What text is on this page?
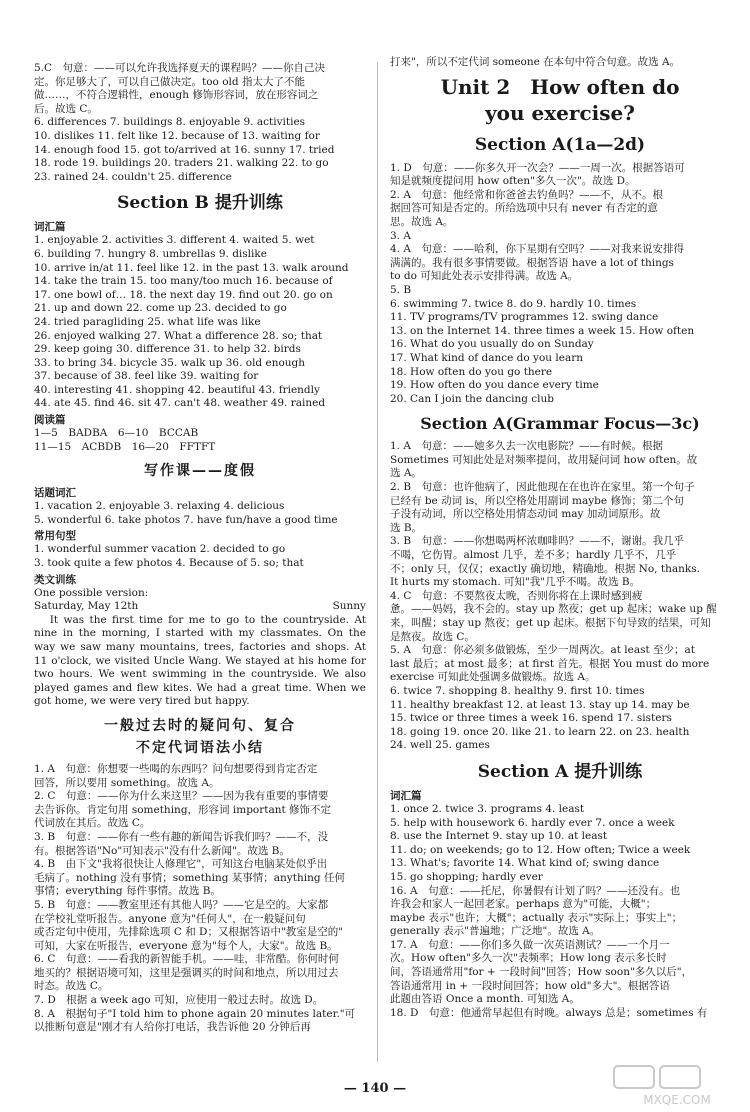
5.C　句意：——可以允许我选择夏天的课程吗？——你自己决
定。你足够大了，可以自己做决定。too old 指太大了不能
做……，不符合逻辑性，enough 修饰形容词，放在形容词之
后。故选 C。
6. differences 7. buildings 8. enjoyable 9. activities
10. dislikes 11. felt like 12. because of 13. waiting for
14. enough food 15. got to/arrived at 16. sunny 17. tried
18. rode 19. buildings 20. traders 21. walking 22. to go
23. rained 24. couldn't 25. difference
Section B 提升训练
词汇篇
1. enjoyable 2. activities 3. different 4. waited 5. wet
6. building 7. hungry 8. umbrellas 9. dislike
10. arrive in/at 11. feel like 12. in the past 13. walk around
14. take the train 15. too many/too much 16. because of
17. one bowl of… 18. the next day 19. find out 20. go on
21. up and down 22. come up 23. decided to go
24. tried paragliding 25. what life was like
26. enjoyed walking 27. What a difference 28. so; that
29. keep going 30. difference 31. to help 32. birds
33. to bring 34. bicycle 35. walk up 36. old enough
37. because of 38. feel like 39. waiting for
40. interesting 41. shopping 42. beautiful 43. friendly
44. ate 45. find 46. sit 47. can't 48. weather 49. rained
阅读篇
1—5　BADBA　6—10　BCCAB
11—15　ACBDB　16—20　FFTFT
写作课——度假
话题词汇
1. vacation 2. enjoyable 3. relaxing 4. delicious
5. wonderful 6. take photos 7. have fun/have a good time
常用句型
1. wonderful summer vacation 2. decided to go
3. took quite a few photos 4. Because of 5. so; that
类文训练
One possible version:
Saturday, May 12th	Sunny
It was the first time for me to go to the countryside. At nine in the morning, I started with my classmates. On the way we saw many mountains, trees, factories and shops. At 11 o'clock, we visited Uncle Wang. We stayed at his home for two hours. We went swimming in the countryside. We also played games and flew kites. We had a great time. When we got home, we were very tired but happy.
一般过去时的疑问句、复合
不定代词语法小结
1. A　句意：你想要一些喝的东西吗？问句想要得到肯定否定
回答，所以要用 something。故选 A。
2. C　句意：——你为什么来这里？——因为我有重要的事情要
去告诉你。肯定句用 something，形容词 important 修饰不定
代词放在其后。故选 C。
3. B　句意：——你有一些有趣的新闻告诉我们吗？——不，没
有。根据答语"No"可知表示"没有什么新闻"。故选 B。
4. B　由下文"我将很快让人修理它"，可知这台电脑某处似乎出
毛病了。nothing 没有事情；something 某事情；anything 任何
事情；everything 每件事情。故选 B。
5. B　句意：——教室里还有其他人吗？——它是空的。大家都
在学校礼堂听报告。anyone 意为"任何人"，在一般疑问句
或否定句中使用，先排除选项 C 和 D；又根据答语中"教室是空的"
可知，大家在听报告，everyone 意为"每个人，大家"。故选 B。
6. C　句意：——看我的新智能手机。——哇，非常酷。你何时何
地买的？根据语境可知，这里是强调买的时间和地点，所以用过去
时态。故选 C。
7. D　根据 a week ago 可知，应使用一般过去时。故选 D。
8. A　根据句子"I told him to phone again 20 minutes later."可
以推断句意是"刚才有人给你打电话，我告诉他 20 分钟后再
打来"，所以不定代词 someone 在本句中符合句意。故选 A。
Unit 2　How often do
you exercise?
Section A(1a—2d)
1. D　句意：——你多久开一次会？——一周一次。根据答语可
知是就频度提问用 how often"多久一次"。故选 D。
2. A　句意：他经常和你爸爸去钓鱼吗？——不，从不。根
据回答可知是否定的。所给选项中只有 never 有否定的意
思。故选 A。
3. A
4. A　句意：——哈利，你下星期有空吗？——对我来说安排得
满满的。我有很多事情要做。根据答语 have a lot of things
to do 可知此处表示安排得满。故选 A。
5. B
6. swimming 7. twice 8. do 9. hardly 10. times
11. TV programs/TV programmes 12. swing dance
13. on the Internet 14. three times a week 15. How often
16. What do you usually do on Sunday
17. What kind of dance do you learn
18. How often do you go there
19. How often do you dance every time
20. Can I join the dancing club
Section A(Grammar Focus—3c)
1. A　句意：——她多久去一次电影院？——有时候。根据
Sometimes 可知此处是对频率提问，故用疑问词 how often。故
选 A。
2. B　句意：也许他病了，因此他现在在也许在家里。第一个句子
已经有 be 动词 is，所以空格处用副词 maybe 修饰；第二个句
子没有动词，所以空格处用情态动词 may 加动词原形。故
选 B。
3. B　句意：——你想喝两杯浓咖啡吗？——不，谢谢。我几乎
不喝，它伤胃。almost 几乎，差不多；hardly 几乎不，几乎
不；only 只，仅仅；exactly 确切地，精确地。根据 No, thanks.
It hurts my stomach. 可知"我"几乎不喝。故选 B。
4. C　句意：不要熬夜太晚，否则你将在上课时感到疲
惫。——妈妈，我不会的。stay up 熬夜；get up 起床；wake up 醒
来，叫醒；stay up 熬夜；get up 起床。根据下句导致的结果，可知
是熬夜。故选 C。
5. A　句意：你必须多做锻炼，至少一周两次。at least 至少；at
last 最后；at most 最多；at first 首先。根据 You must do more
exercise 可知此处强调多做锻炼。故选 A。
6. twice 7. shopping 8. healthy 9. first 10. times
11. healthy breakfast 12. at least 13. stay up 14. may be
15. twice or three times a week 16. spend 17. sisters
18. going 19. once 20. like 21. to learn 22. on 23. health
24. well 25. games
Section A 提升训练
词汇篇
1. once 2. twice 3. programs 4. least
5. help with housework 6. hardly ever 7. once a week
8. use the Internet 9. stay up 10. at least
11. do; on weekends; go to 12. How often; Twice a week
13. What's; favorite 14. What kind of; swing dance
15. go shopping; hardly ever
16. A　句意：——托尼，你暑假有计划了吗？——还没有。也
许我会和家人一起回老家。perhaps 意为"可能，大概"；
maybe 表示"也许；大概"；actually 表示"实际上；事实上"；
generally 表示"普遍地；广泛地"。故选 A。
17. A　句意：——你们多久做一次英语测试？——一个月一
次。How often"多久一次"表频率；How long 表示多长时
间，答语通常用"for + 一段时间"回答；How soon"多久以后"，
答语通常用 in + 一段时间回答；how old"多大"。根据答语
此题由答语 Once a month. 可知选 A。
18. D　句意：他通常早起但有时晚。always 总是；sometimes 有
— 140 —
MXQE.COM
